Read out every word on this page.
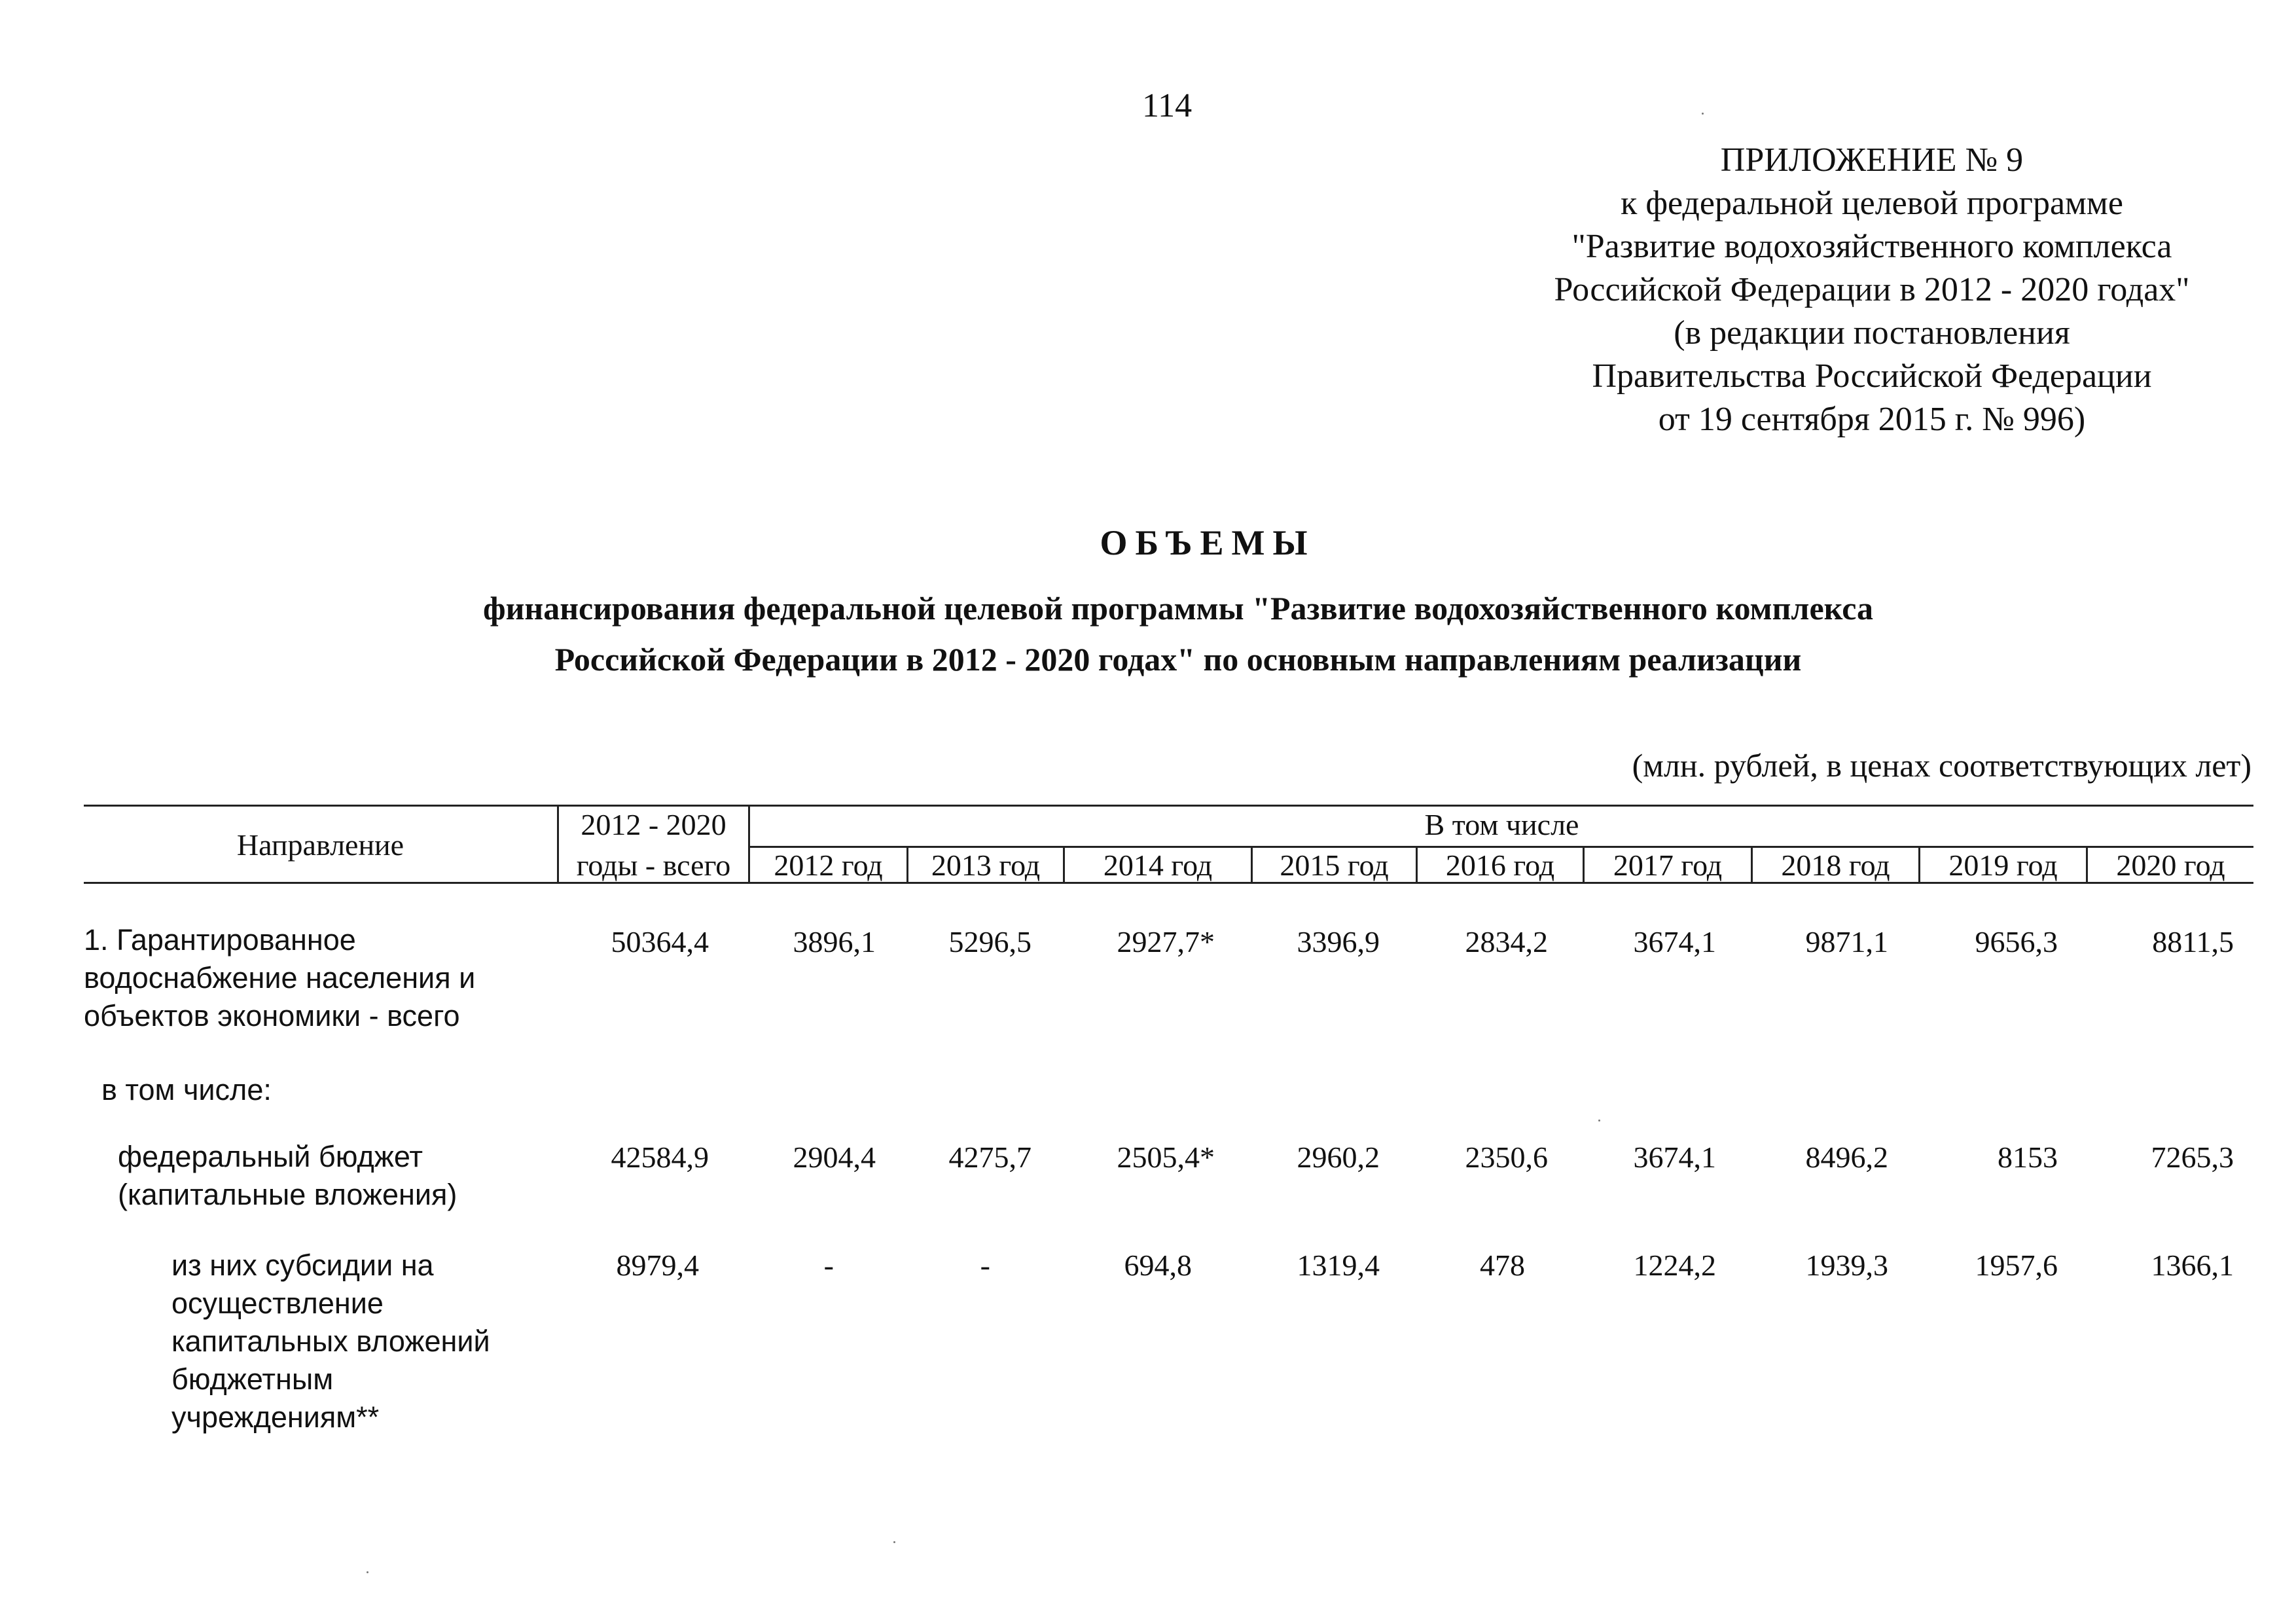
114
ПРИЛОЖЕНИЕ № 9
к федеральной целевой программе
"Развитие водохозяйственного комплекса
Российской Федерации в 2012 - 2020 годах"
(в редакции постановления
Правительства Российской Федерации
от 19 сентября 2015 г. № 996)
ОБЪЕМЫ
финансирования федеральной целевой программы "Развитие водохозяйственного комплекса
Российской Федерации в 2012 - 2020 годах" по основным направлениям реализации
(млн. рублей, в ценах соответствующих лет)
Направление
2012 - 2020
годы - всего
В том числе
2012 год	2013 год	2014 год	2015 год	2016 год	2017 год	2018 год	2019 год	2020 год
1. Гарантированное
водоснабжение населения и
объектов экономики - всего
50364,4	3896,1 5296,5	2927,7*	3396,9	2834,2	3674,1	9871,1	9656,3	8811,5
в том числе:
федеральный бюджет
(капитальные вложения)
42584,9	2904,4 4275,7	2505,4*	2960,2	2350,6	3674,1	8496,2	8153	7265,3
из них субсидии на
осуществление
капитальных вложений
бюджетным
учреждениям**
8979,4	-	-	694,8	1319,4	478	1224,2	1939,3	1957,6	1366,1
